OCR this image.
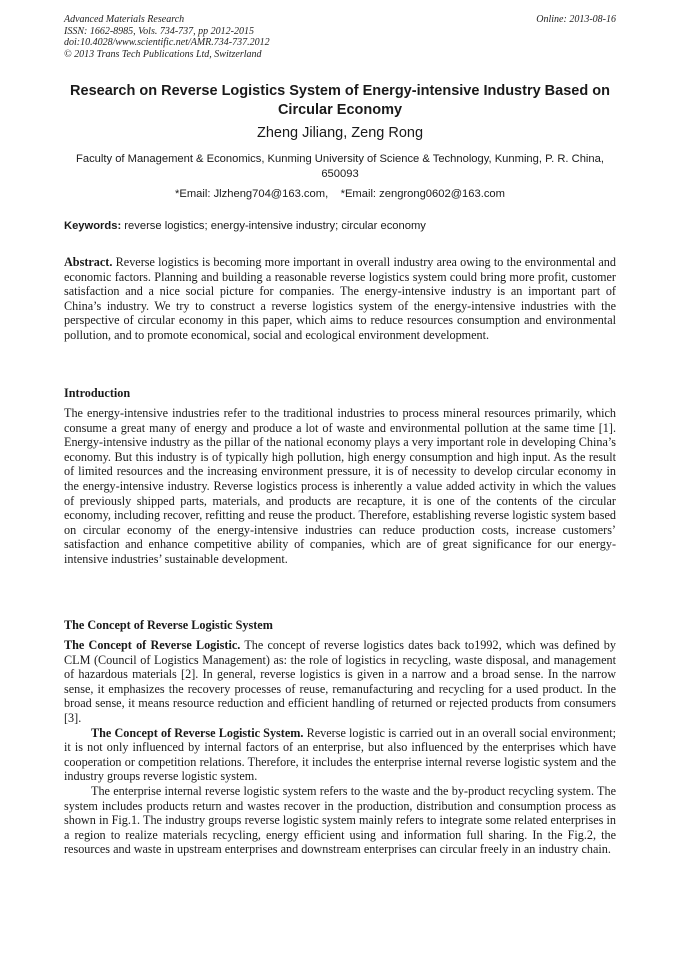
Advanced Materials Research
ISSN: 1662-8985, Vols. 734-737, pp 2012-2015
doi:10.4028/www.scientific.net/AMR.734-737.2012
© 2013 Trans Tech Publications Ltd, Switzerland
Online: 2013-08-16
Research on Reverse Logistics System of Energy-intensive Industry Based on Circular Economy
Zheng Jiliang, Zeng Rong
Faculty of Management & Economics, Kunming University of Science & Technology, Kunming, P. R. China, 650093
*Email: Jlzheng704@163.com,    *Email: zengrong0602@163.com
Keywords: reverse logistics; energy-intensive industry; circular economy

Abstract. Reverse logistics is becoming more important in overall industry area owing to the environmental and economic factors. Planning and building a reasonable reverse logistics system could bring more profit, customer satisfaction and a nice social picture for companies. The energy-intensive industry is an important part of China’s industry. We try to construct a reverse logistics system of the energy-intensive industries with the perspective of circular economy in this paper, which aims to reduce resources consumption and environmental pollution, and to promote economical, social and ecological environment development.

Introduction

The energy-intensive industries refer to the traditional industries to process mineral resources primarily, which consume a great many of energy and produce a lot of waste and environmental pollution at the same time [1]. Energy-intensive industry as the pillar of the national economy plays a very important role in developing China’s economy. But this industry is of typically high pollution, high energy consumption and high input. As the result of limited resources and the increasing environment pressure, it is of necessity to develop circular economy in the energy-intensive industry. Reverse logistics process is inherently a value added activity in which the values of previously shipped parts, materials, and products are recapture, it is one of the contents of the circular economy, including recover, refitting and reuse the product. Therefore, establishing reverse logistic system based on circular economy of the energy-intensive industries can reduce production costs, increase customers’ satisfaction and enhance competitive ability of companies, which are of great significance for our energy-intensive industries’ sustainable development.

The Concept of Reverse Logistic System

The Concept of Reverse Logistic. The concept of reverse logistics dates back to1992, which was defined by CLM (Council of Logistics Management) as: the role of logistics in recycling, waste disposal, and management of hazardous materials [2]. In general, reverse logistics is given in a narrow and a broad sense. In the narrow sense, it emphasizes the recovery processes of reuse, remanufacturing and recycling for a used product. In the broad sense, it means resource reduction and efficient handling of returned or rejected products from consumers [3].

The Concept of Reverse Logistic System. Reverse logistic is carried out in an overall social environment; it is not only influenced by internal factors of an enterprise, but also influenced by the enterprises which have cooperation or competition relations. Therefore, it includes the enterprise internal reverse logistic system and the industry groups reverse logistic system.

The enterprise internal reverse logistic system refers to the waste and the by-product recycling system. The system includes products return and wastes recover in the production, distribution and consumption process as shown in Fig.1. The industry groups reverse logistic system mainly refers to integrate some related enterprises in a region to realize materials recycling, energy efficient using and information full sharing. In the Fig.2, the resources and waste in upstream enterprises and downstream enterprises can circular freely in an industry chain.
